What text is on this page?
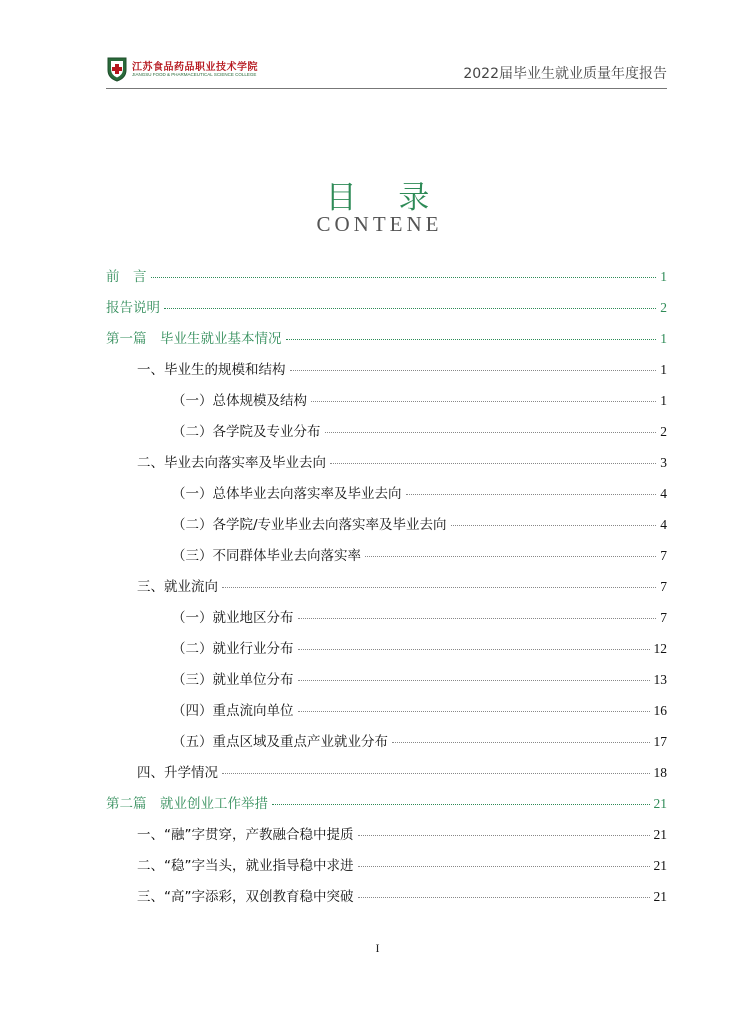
江苏食品药品职业技术学院
JIANGSU FOOD & PHARMACEUTICAL SCIENCE COLLEGE	2022届毕业生就业质量年度报告
目 录
CONTENE
前　言	1
报告说明	2
第一篇　毕业生就业基本情况	1
一、毕业生的规模和结构	1
（一）总体规模及结构	1
（二）各学院及专业分布	2
二、毕业去向落实率及毕业去向	3
（一）总体毕业去向落实率及毕业去向	4
（二）各学院/专业毕业去向落实率及毕业去向	4
（三）不同群体毕业去向落实率	7
三、就业流向	7
（一）就业地区分布	7
（二）就业行业分布	12
（三）就业单位分布	13
（四）重点流向单位	16
（五）重点区域及重点产业就业分布	17
四、升学情况	18
第二篇　就业创业工作举措	21
一、“融”字贯穿，产教融合稳中提质	21
二、“稳”字当头，就业指导稳中求进	21
三、“高”字添彩，双创教育稳中突破	21
I
